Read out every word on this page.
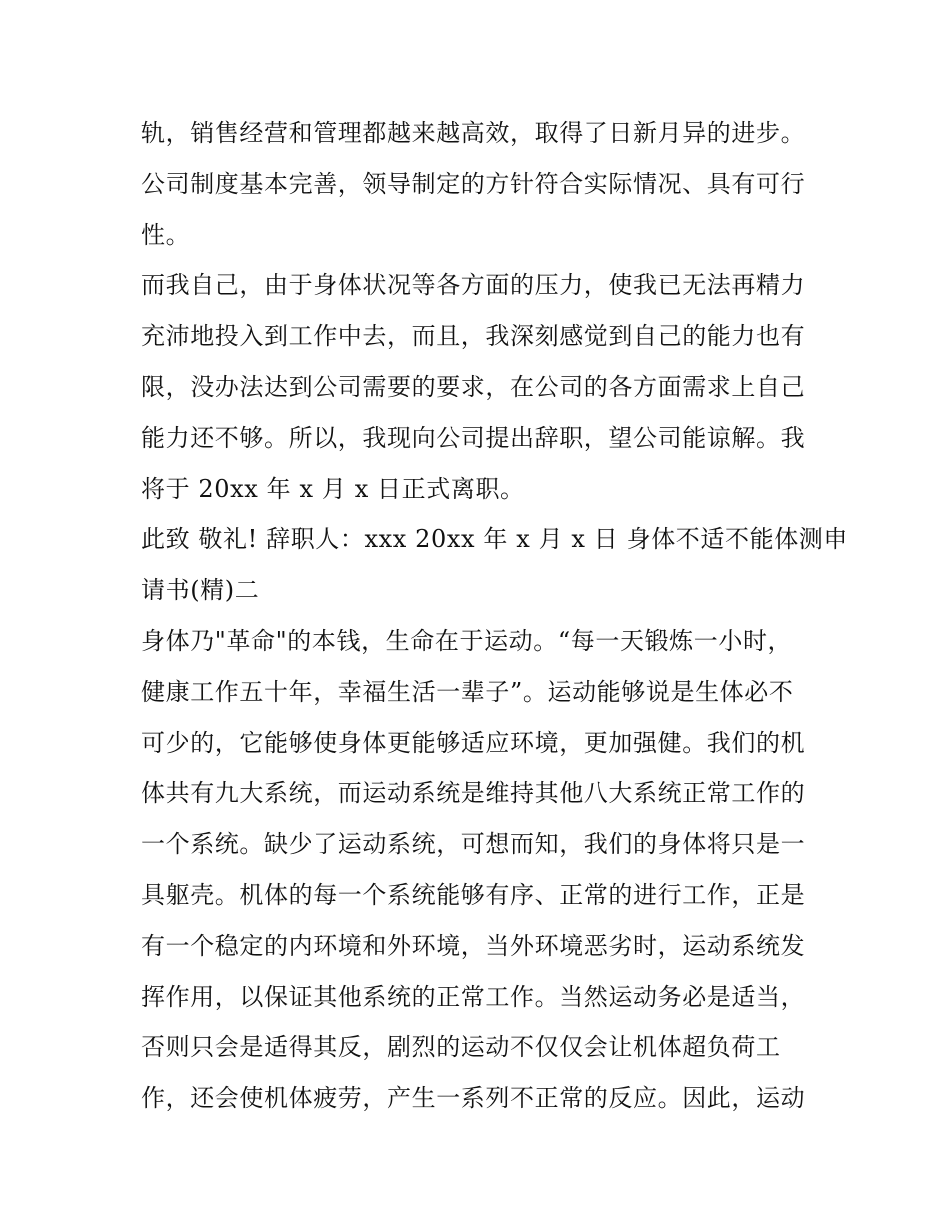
轨，销售经营和管理都越来越高效，取得了日新月异的进步。
公司制度基本完善，领导制定的方针符合实际情况、具有可行
性。
而我自己，由于身体状况等各方面的压力，使我已无法再精力
充沛地投入到工作中去，而且，我深刻感觉到自己的能力也有
限，没办法达到公司需要的要求，在公司的各方面需求上自己
能力还不够。所以，我现向公司提出辞职，望公司能谅解。我
将于 20xx 年 x 月 x 日正式离职。
此致 敬礼! 辞职人：xxx 20xx 年 x 月 x 日 身体不适不能体测申
请书(精)二
身体乃"革命"的本钱，生命在于运动。“每一天锻炼一小时，
健康工作五十年，幸福生活一辈子”。运动能够说是生体必不
可少的，它能够使身体更能够适应环境，更加强健。我们的机
体共有九大系统，而运动系统是维持其他八大系统正常工作的
一个系统。缺少了运动系统，可想而知，我们的身体将只是一
具躯壳。机体的每一个系统能够有序、正常的进行工作，正是
有一个稳定的内环境和外环境，当外环境恶劣时，运动系统发
挥作用，以保证其他系统的正常工作。当然运动务必是适当，
否则只会是适得其反，剧烈的运动不仅仅会让机体超负荷工
作，还会使机体疲劳，产生一系列不正常的反应。因此，运动
